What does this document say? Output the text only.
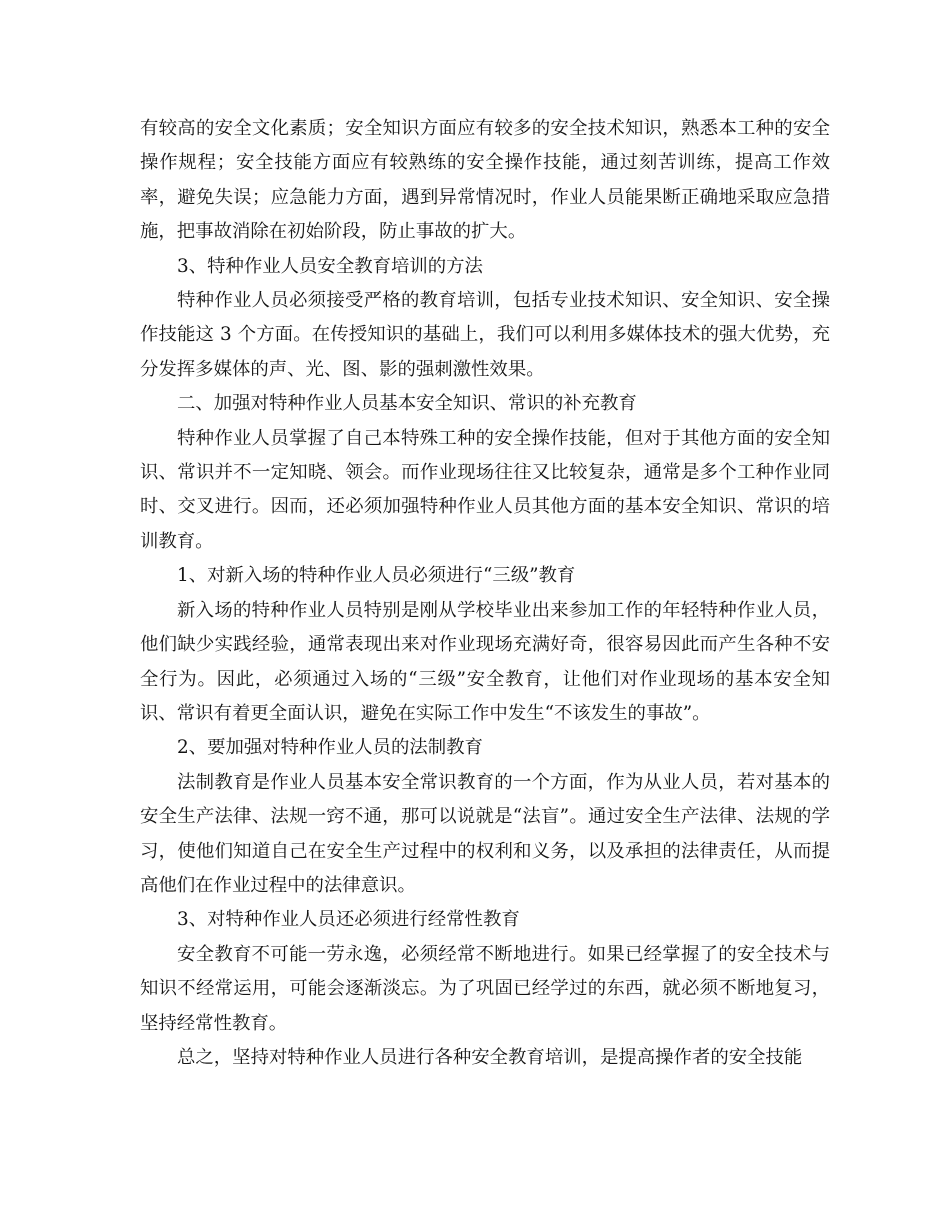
有较高的安全文化素质；安全知识方面应有较多的安全技术知识，熟悉本工种的安全操作规程；安全技能方面应有较熟练的安全操作技能，通过刻苦训练，提高工作效率，避免失误；应急能力方面，遇到异常情况时，作业人员能果断正确地采取应急措施，把事故消除在初始阶段，防止事故的扩大。

3、特种作业人员安全教育培训的方法

特种作业人员必须接受严格的教育培训，包括专业技术知识、安全知识、安全操作技能这 3 个方面。在传授知识的基础上，我们可以利用多媒体技术的强大优势，充分发挥多媒体的声、光、图、影的强刺激性效果。

二、加强对特种作业人员基本安全知识、常识的补充教育

特种作业人员掌握了自己本特殊工种的安全操作技能，但对于其他方面的安全知识、常识并不一定知晓、领会。而作业现场往往又比较复杂，通常是多个工种作业同时、交叉进行。因而，还必须加强特种作业人员其他方面的基本安全知识、常识的培训教育。

1、对新入场的特种作业人员必须进行“三级”教育

新入场的特种作业人员特别是刚从学校毕业出来参加工作的年轻特种作业人员，他们缺少实践经验，通常表现出来对作业现场充满好奇，很容易因此而产生各种不安全行为。因此，必须通过入场的“三级”安全教育，让他们对作业现场的基本安全知识、常识有着更全面认识，避免在实际工作中发生“不该发生的事故”。

2、要加强对特种作业人员的法制教育

法制教育是作业人员基本安全常识教育的一个方面，作为从业人员，若对基本的安全生产法律、法规一窍不通，那可以说就是“法盲”。通过安全生产法律、法规的学习，使他们知道自己在安全生产过程中的权利和义务，以及承担的法律责任，从而提高他们在作业过程中的法律意识。

3、对特种作业人员还必须进行经常性教育

安全教育不可能一劳永逸，必须经常不断地进行。如果已经掌握了的安全技术与知识不经常运用，可能会逐渐淡忘。为了巩固已经学过的东西，就必须不断地复习，坚持经常性教育。

总之，坚持对特种作业人员进行各种安全教育培训，是提高操作者的安全技能
